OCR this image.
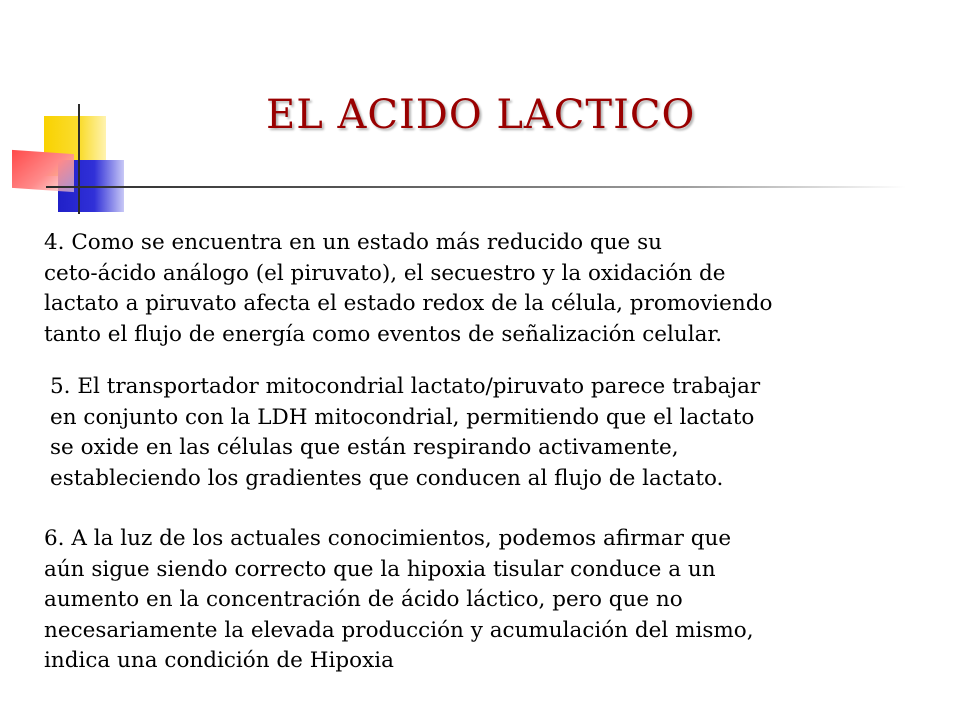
EL ACIDO LACTICO

4. Como se encuentra en un estado más reducido que su
ceto-ácido análogo (el piruvato), el secuestro y la oxidación de
lactato a piruvato afecta el estado redox de la célula, promoviendo
tanto el flujo de energía como eventos de señalización celular.

5. El transportador mitocondrial lactato/piruvato parece trabajar
en conjunto con la LDH mitocondrial, permitiendo que el lactato
se oxide en las células que están respirando activamente,
estableciendo los gradientes que conducen al flujo de lactato.

6. A la luz de los actuales conocimientos, podemos afirmar que
aún sigue siendo correcto que la hipoxia tisular conduce a un
aumento en la concentración de ácido láctico, pero que no
necesariamente la elevada producción y acumulación del mismo,
indica una condición de Hipoxia
